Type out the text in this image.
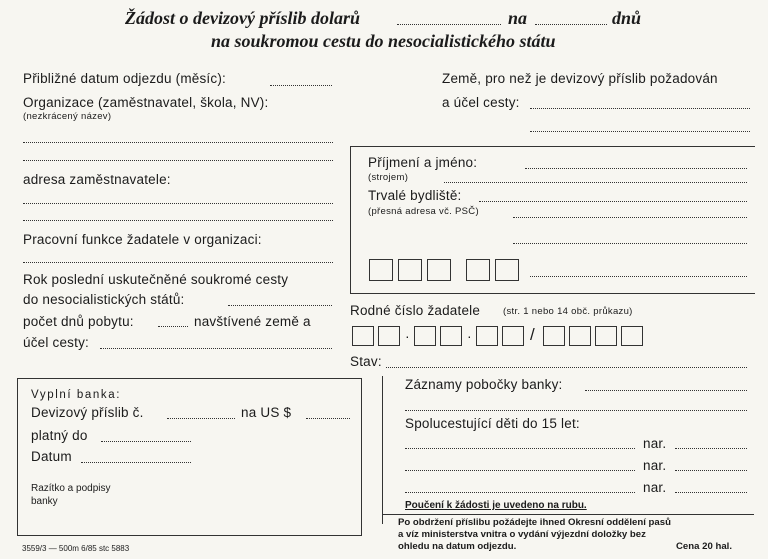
Žádost o devizový příslib dolarů	na	dnů
na soukromou cestu do nesocialistického státu
Přibližné datum odjezdu (měsíc):
Organizace (zaměstnavatel, škola, NV):
(nezkrácený název)
adresa zaměstnavatele:
Pracovní funkce žadatele v organizaci:
Rok poslední uskutečněné soukromé cesty
do nesocialistických států:
počet dnů pobytu:	navštívené země a
účel cesty:
Vyplní banka:
Devizový příslib č.	na US $
platný do
Datum
Razítko a podpisy
banky
Země, pro než je devizový příslib požadován
a účel cesty:
Příjmení a jméno:
(strojem)
Trvalé bydliště:
(přesná adresa vč. PSČ)
Rodné číslo žadatele (str. 1 nebo 14 obč. průkazu)
·	·	/
Stav:
Záznamy pobočky banky:
Spolucestující děti do 15 let:
nar.
nar.
nar.
Poučení k žádosti je uvedeno na rubu.
Po obdržení příslibu požádejte ihned Okresní oddělení pasů
a víz ministerstva vnitra o vydání výjezdní doložky bez
ohledu na datum odjezdu.	Cena 20 hal.
3559/3 — 500m 6/85 stc 5883
